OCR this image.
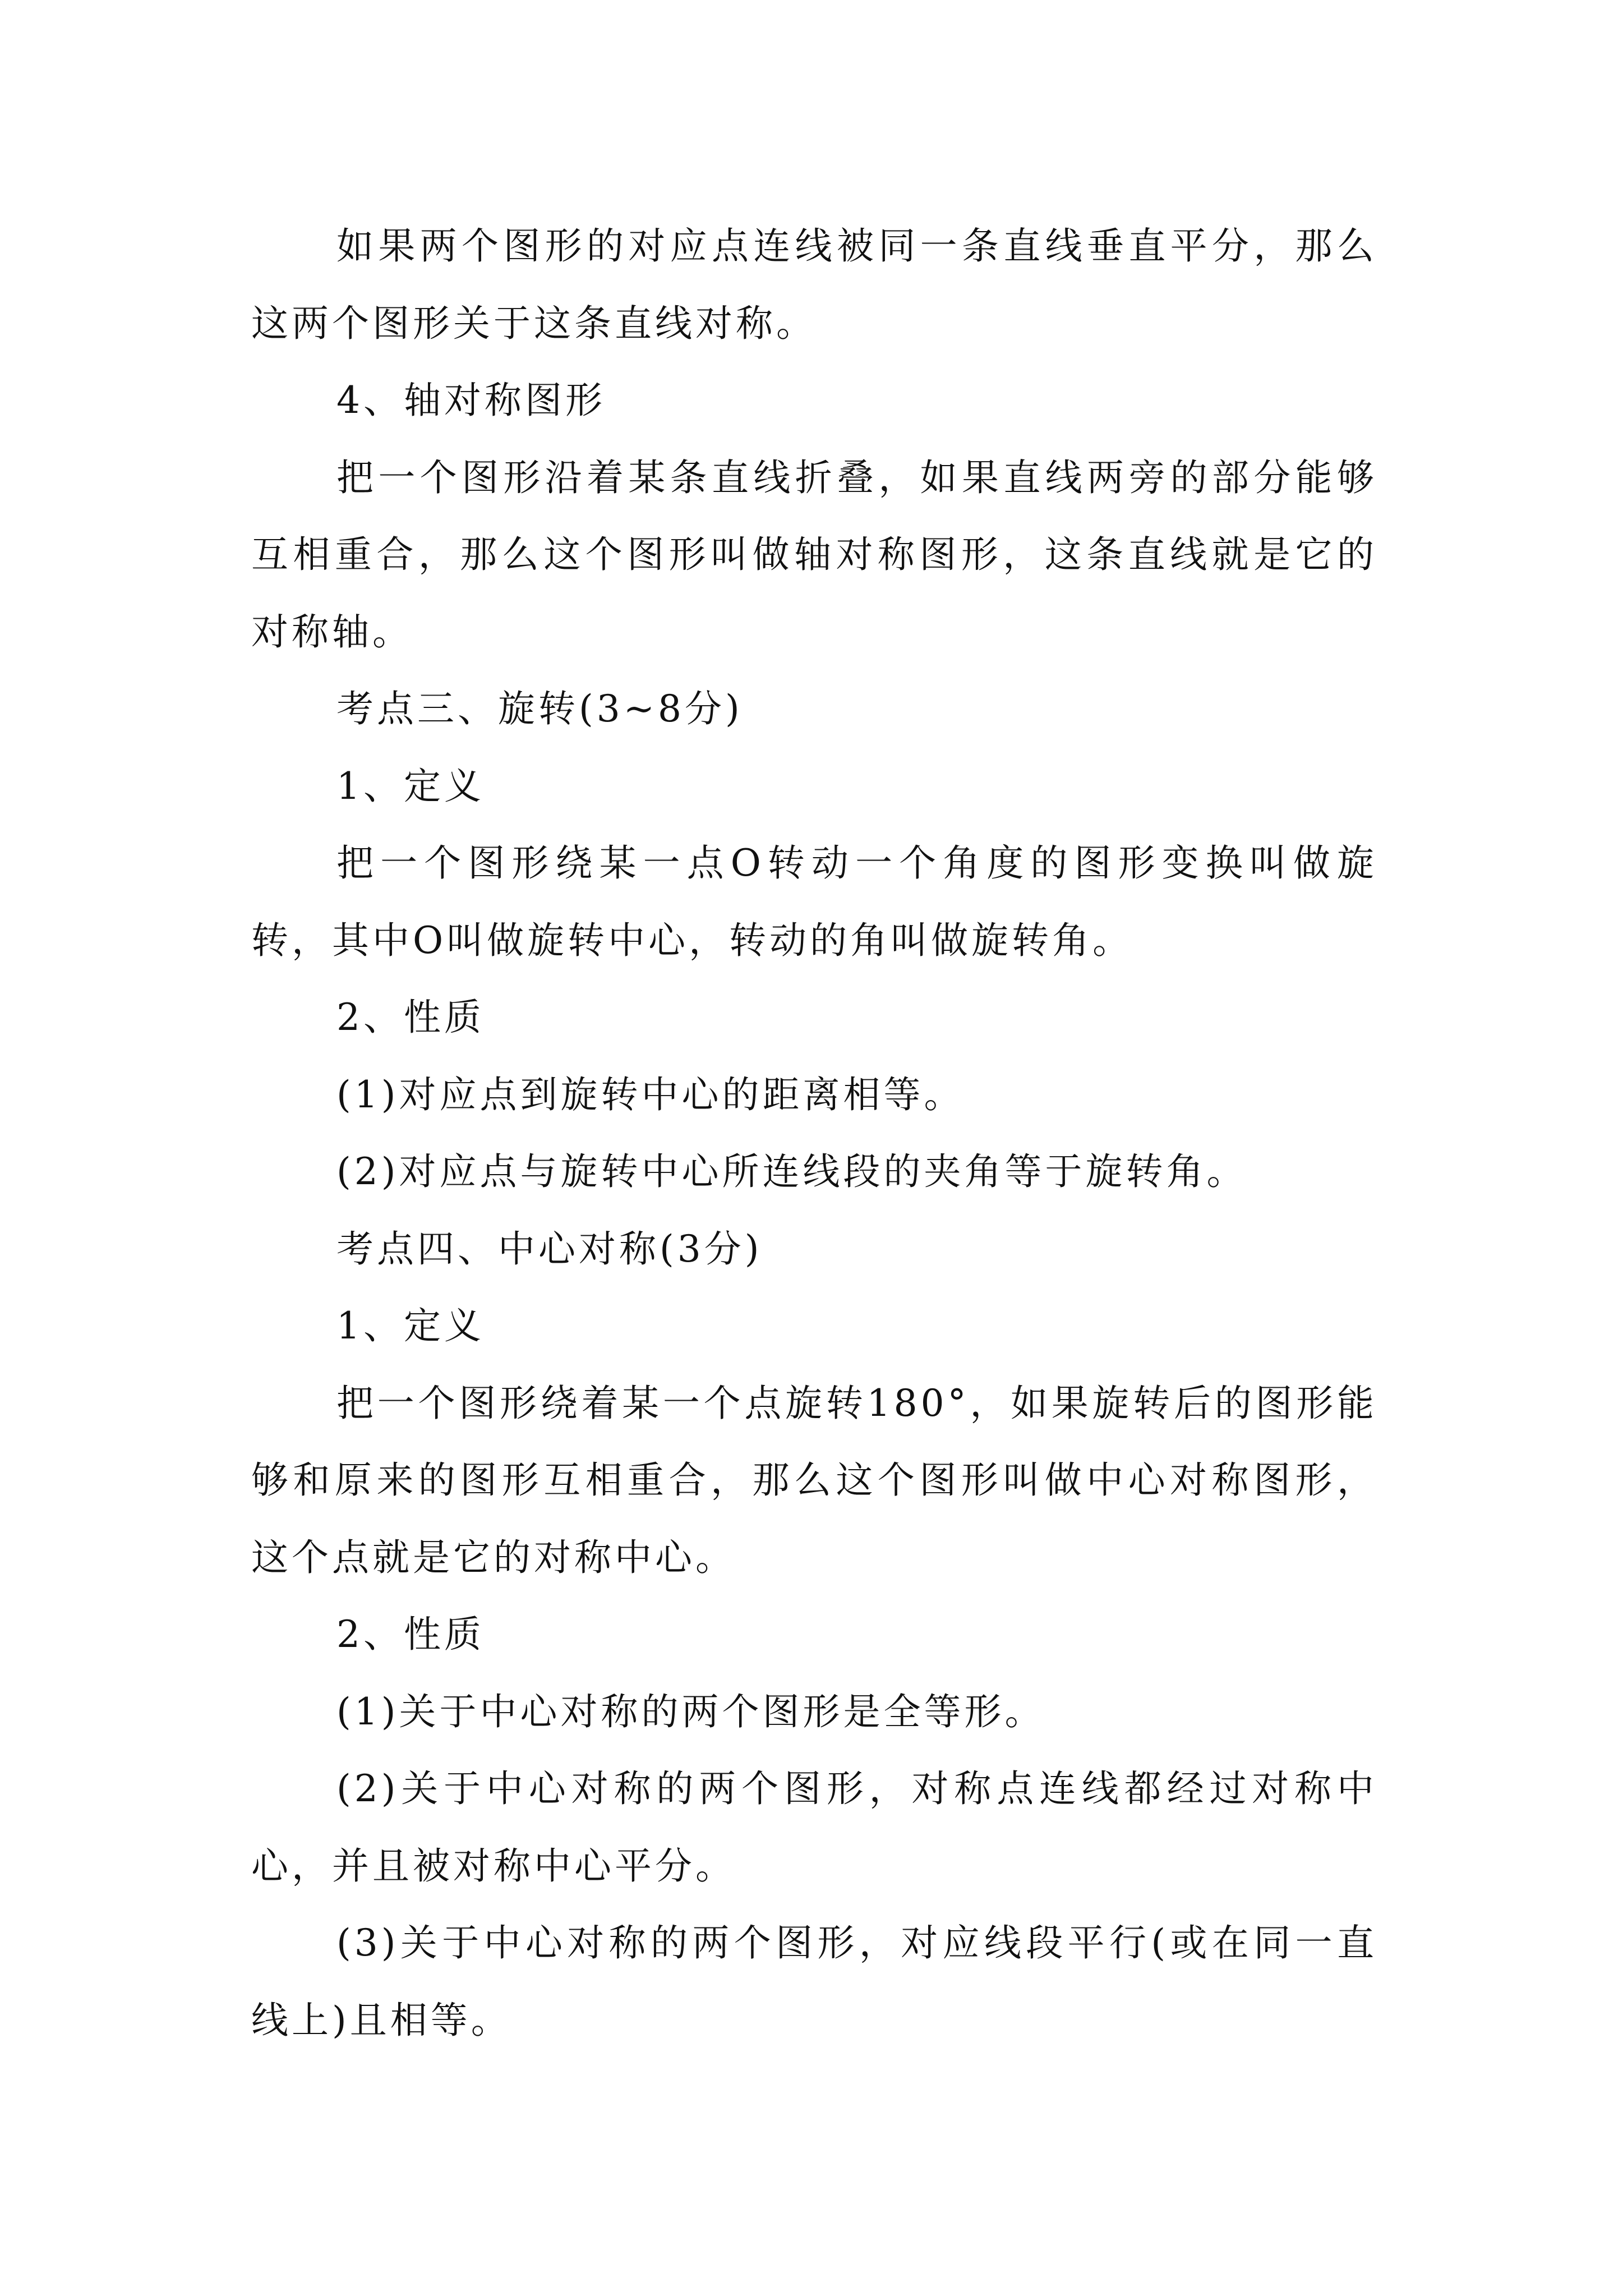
如果两个图形的对应点连线被同一条直线垂直平分，那么这两个图形关于这条直线对称。

4、轴对称图形

把一个图形沿着某条直线折叠，如果直线两旁的部分能够互相重合，那么这个图形叫做轴对称图形，这条直线就是它的对称轴。

考点三、旋转(3~8分)

1、定义

把一个图形绕某一点O转动一个角度的图形变换叫做旋转，其中O叫做旋转中心，转动的角叫做旋转角。

2、性质

(1)对应点到旋转中心的距离相等。

(2)对应点与旋转中心所连线段的夹角等于旋转角。

考点四、中心对称(3分)

1、定义

把一个图形绕着某一个点旋转180°，如果旋转后的图形能够和原来的图形互相重合，那么这个图形叫做中心对称图形，这个点就是它的对称中心。

2、性质

(1)关于中心对称的两个图形是全等形。

(2)关于中心对称的两个图形，对称点连线都经过对称中心，并且被对称中心平分。

(3)关于中心对称的两个图形，对应线段平行(或在同一直线上)且相等。
